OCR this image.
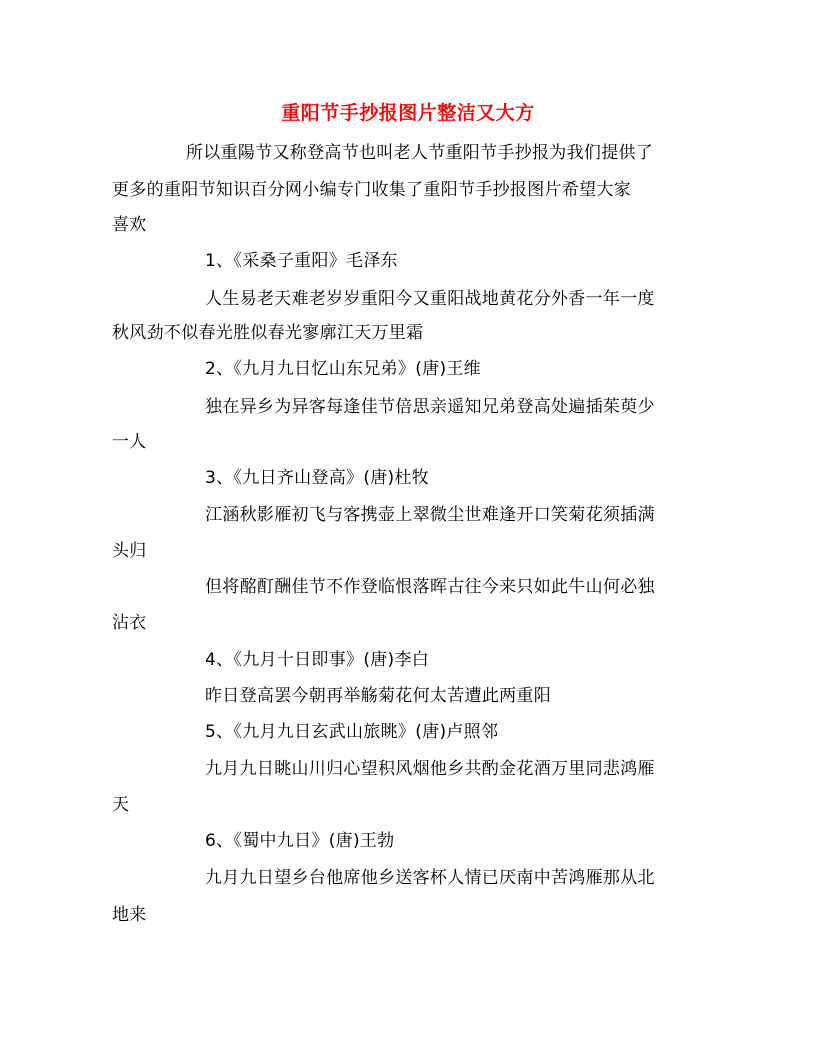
重阳节手抄报图片整洁又大方
所以重陽节又称登高节也叫老人节重阳节手抄报为我们提供了
更多的重阳节知识百分网小编专门收集了重阳节手抄报图片希望大家
喜欢
1、《采桑子重阳》毛泽东
人生易老天难老岁岁重阳今又重阳战地黄花分外香一年一度
秋风劲不似春光胜似春光寥廓江天万里霜
2、《九月九日忆山东兄弟》(唐)王维
独在异乡为异客每逢佳节倍思亲遥知兄弟登高处遍插茱萸少
一人
3、《九日齐山登高》(唐)杜牧
江涵秋影雁初飞与客携壶上翠微尘世难逢开口笑菊花须插满
头归
但将酩酊酬佳节不作登临恨落晖古往今来只如此牛山何必独
沾衣
4、《九月十日即事》(唐)李白
昨日登高罢今朝再举觞菊花何太苦遭此两重阳
5、《九月九日玄武山旅眺》(唐)卢照邻
九月九日眺山川归心望积风烟他乡共酌金花酒万里同悲鸿雁
天
6、《蜀中九日》(唐)王勃
九月九日望乡台他席他乡送客杯人情已厌南中苦鸿雁那从北
地来
